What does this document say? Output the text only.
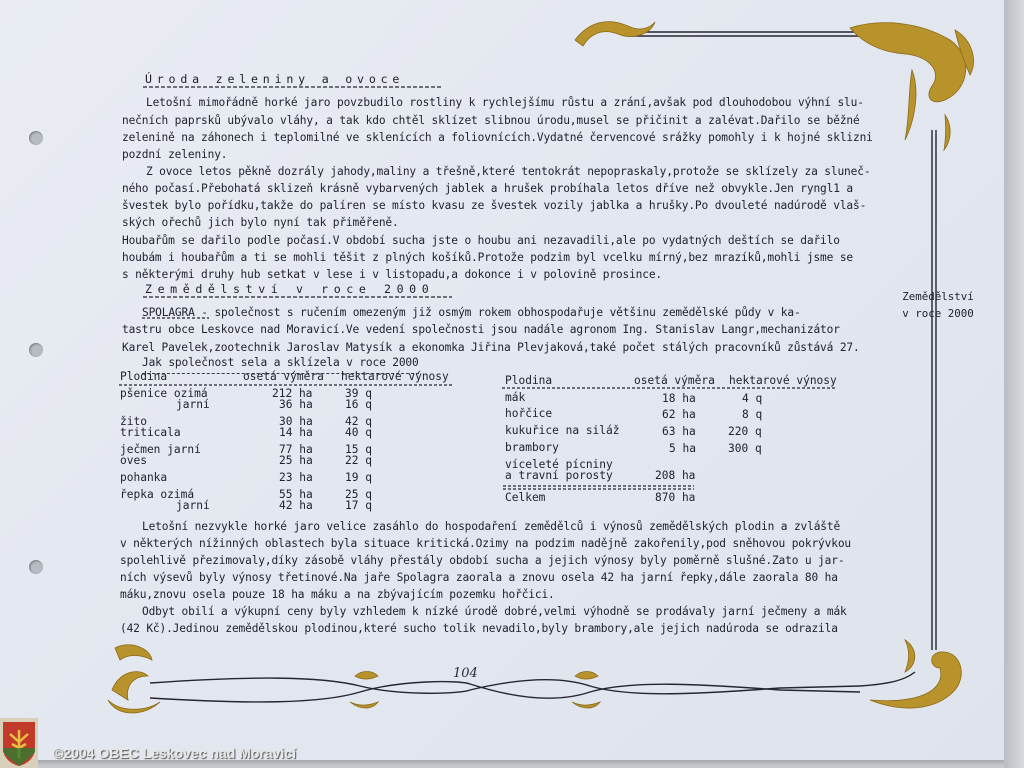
Úroda zeleniny a ovoce
Letošní mimořádně horké jaro povzbudilo rostliny k rychlejšímu růstu a zrání,avšak pod dlouhodobou výhní slu-
nečních paprsků ubývalo vláhy, a tak kdo chtěl sklízet slibnou úrodu,musel se přičinit a zalévat.Dařilo se běžné
zelenině na záhonech i teplomilné ve sklenících a foliovnících.Vydatné červencové srážky pomohly i k hojné sklizni
pozdní zeleniny.
Z ovoce letos pěkně dozrály jahody,maliny a třešně,které tentokrát nepopraskaly,protože se sklízely za sluneč-
ného počasí.Přebohatá sklizeň krásně vybarvených jablek a hrušek probíhala letos dříve než obvykle.Jen ryngl1 a
švestek bylo pořídku,takže do palíren se místo kvasu ze švestek vozily jablka a hrušky.Po dvouleté nadúrodě vlaš-
ských ořechů jich bylo nyní tak přiměřeně.
Houbařům se dařilo podle počasí.V období sucha jste o houbu ani nezavadili,ale po vydatných deštích se dařilo
houbám i houbařům a ti se mohli těšit z plných košíků.Protože podzim byl vcelku mírný,bez mrazíků,mohli jsme se
s některými druhy hub setkat v lese i v listopadu,a dokonce i v polovině prosince.
Zemědělství v roce 2000
SPOLAGRA - společnost s ručením omezeným již osmým rokem obhospodařuje většinu zemědělské půdy v ka-
tastru obce Leskovce nad Moravicí.Ve vedení společnosti jsou nadále agronom Ing. Stanislav Langr,mechanizátor
Karel Pavelek,zootechnik Jaroslav Matysík a ekonomka Jiřina Plevjaková,také počet stálých pracovníků zůstává 27.
Jak společnost sela a sklízela v roce 2000
Plodina	osetá výměra hektarové výnosy
pšenice ozimá	212 ha	39 q
jarní	36 ha	16 q
žito	30 ha	42 q
triticala	14 ha	40 q
ječmen jarní	77 ha	15 q
oves	25 ha	22 q
pohanka	23 ha	19 q
řepka ozimá	55 ha	25 q
jarní	42 ha	17 q
Plodina	osetá výměra hektarové výnosy
mák	18 ha	4 q
hořčice	62 ha	8 q
kukuřice na siláž	63 ha	220 q
brambory	5 ha	300 q
víceleté pícniny
a travní porosty	208 ha
Celkem	870 ha
Letošní nezvykle horké jaro velice zasáhlo do hospodaření zemědělců i výnosů zemědělských plodin a zvláště
v některých nížinných oblastech byla situace kritická.Ozimy na podzim nadějně zakořenily,pod sněhovou pokrývkou
spolehlivě přezimovaly,díky zásobě vláhy přestály období sucha a jejich výnosy byly poměrně slušné.Zato u jar-
ních výsevů byly výnosy třetinové.Na jaře Spolagra zaorala a znovu osela 42 ha jarní řepky,dále zaorala 80 ha
máku,znovu osela pouze 18 ha máku a na zbývajícím pozemku hořčici.
Odbyt obilí a výkupní ceny byly vzhledem k nízké úrodě dobré,velmi výhodně se prodávaly jarní ječmeny a mák
(42 Kč).Jedinou zemědělskou plodinou,které sucho tolik nevadilo,byly brambory,ale jejich nadúroda se odrazila
Zemědělství
v roce 2000
104
©2004 OBEC Leskovec nad Moravicí
